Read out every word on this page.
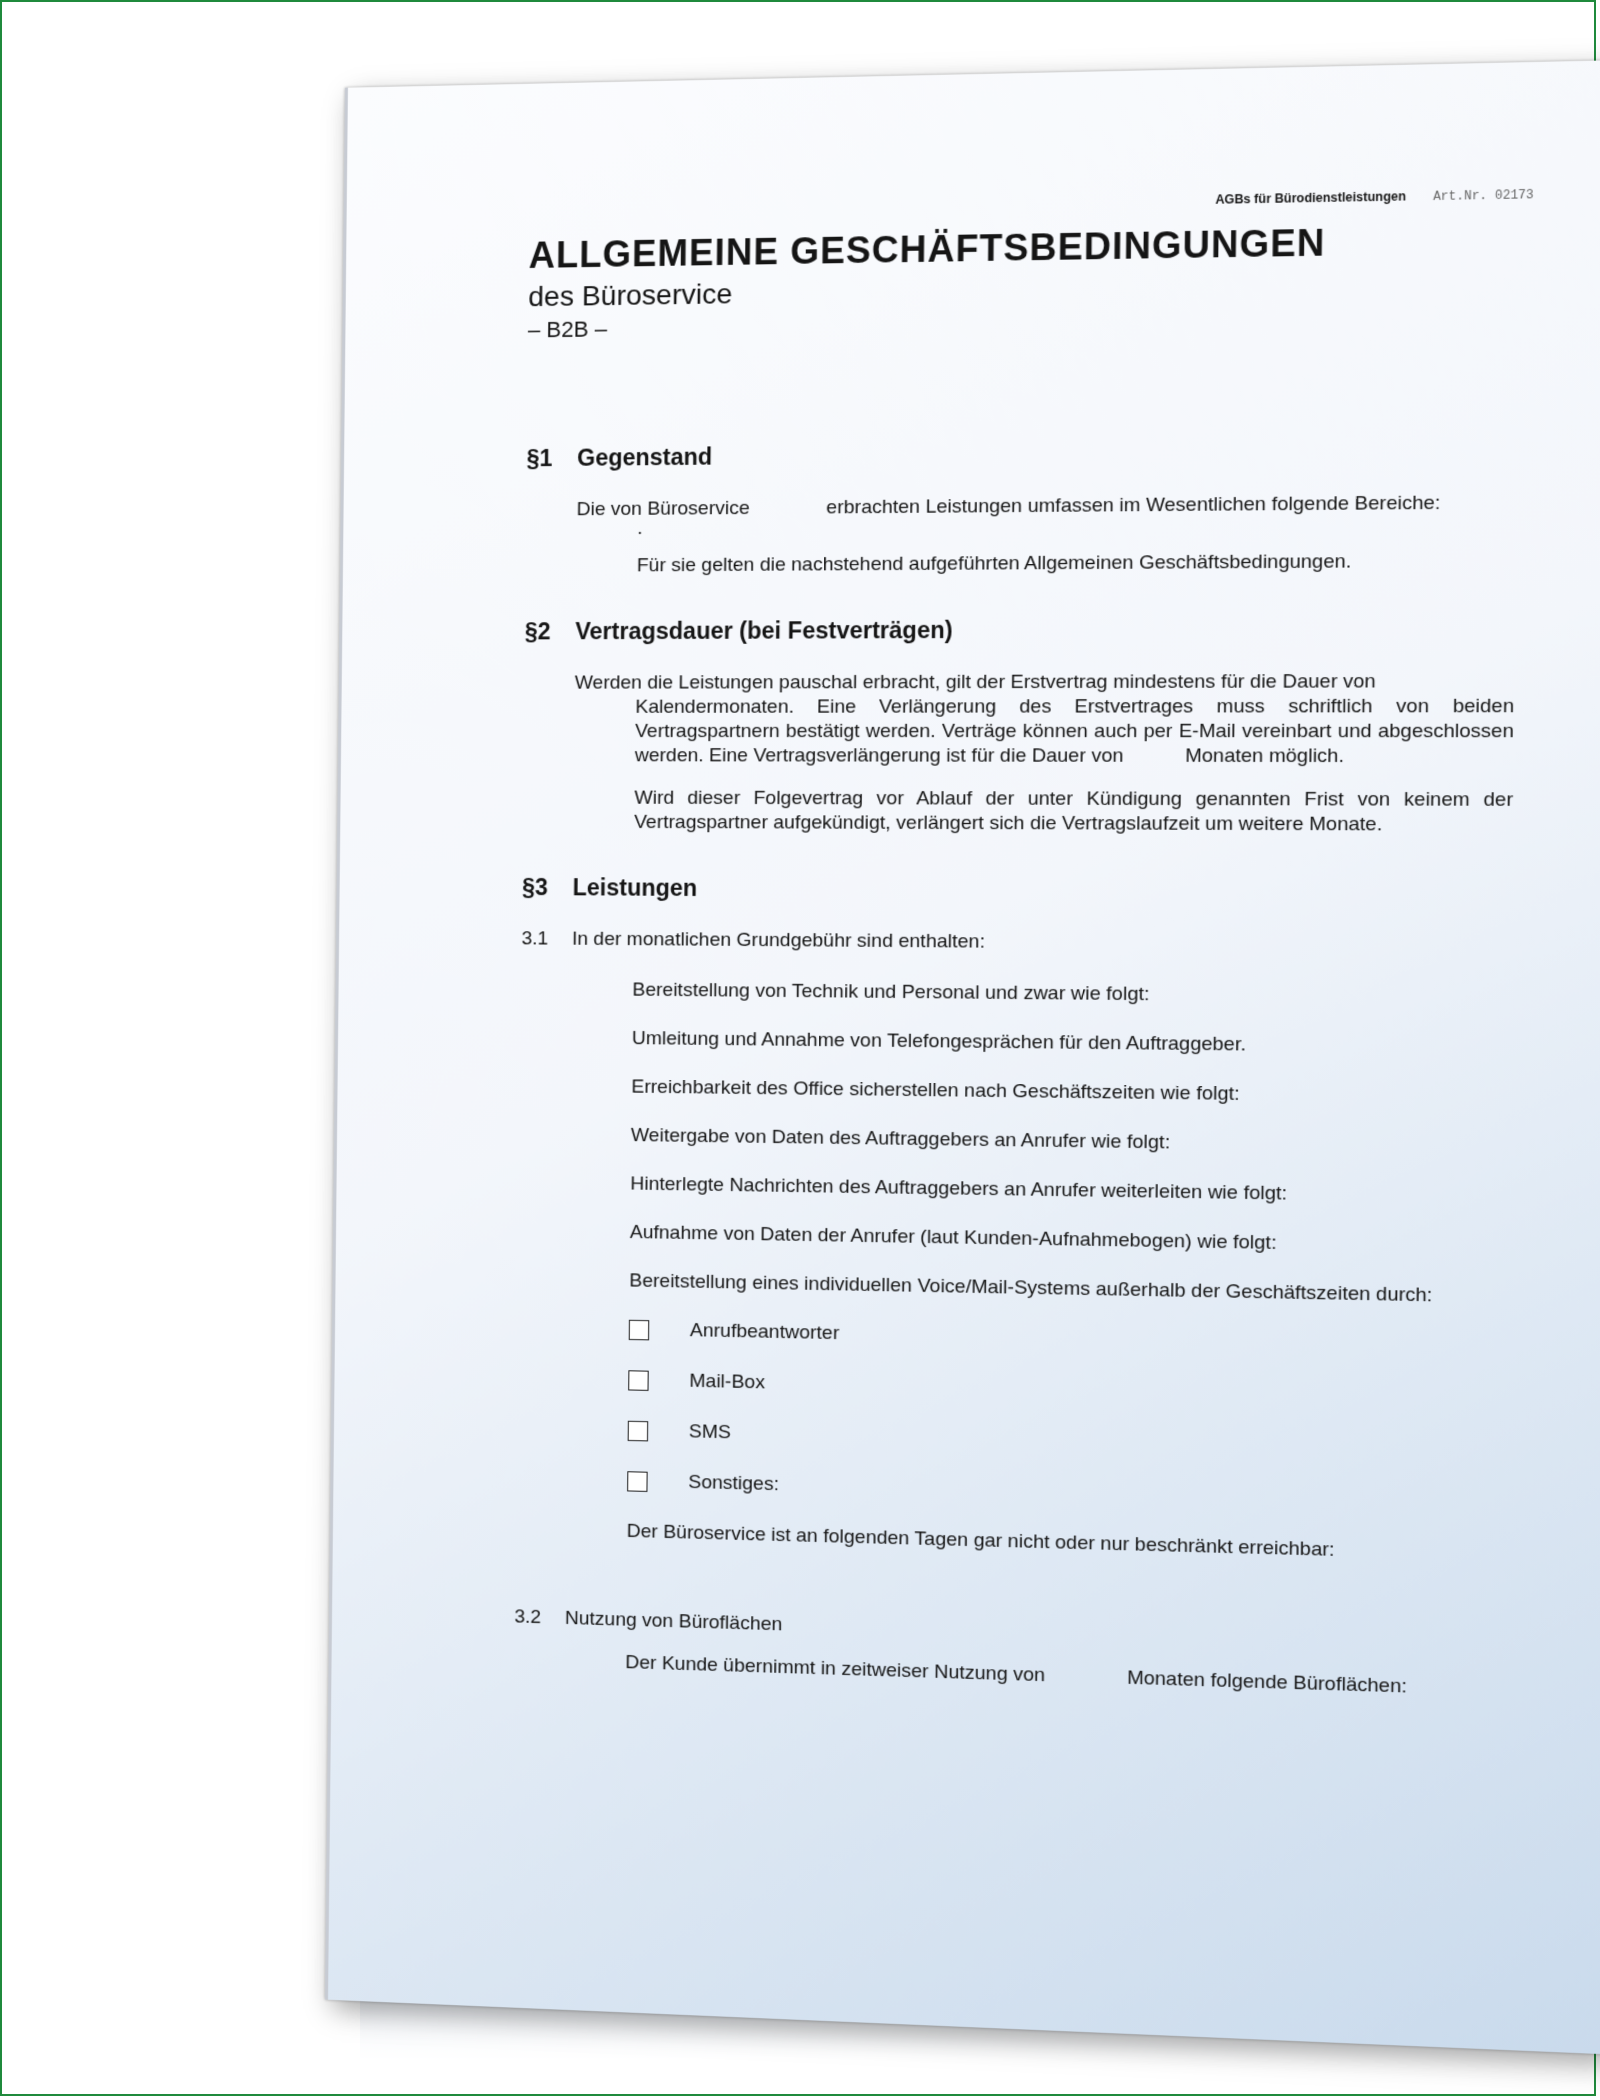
AGBs für Bürodienstleistungen Art.Nr. 02173
ALLGEMEINE GESCHÄFTSBEDINGUNGEN
des Büroservice
– B2B –
§1	Gegenstand
Die von Büroservice	erbrachten Leistungen umfassen im Wesentlichen folgende Bereiche:
.
Für sie gelten die nachstehend aufgeführten Allgemeinen Geschäftsbedingungen.
§2	Vertragsdauer (bei Festverträgen)
Werden die Leistungen pauschal erbracht, gilt der Erstvertrag mindestens für die Dauer von
Kalendermonaten. Eine Verlängerung des Erstvertrages muss schriftlich von beiden Vertragspartnern bestätigt werden. Verträge können auch per E-Mail vereinbart und abgeschlossen werden. Eine Vertragsverlängerung ist für die Dauer von	Monaten möglich.
Wird dieser Folgevertrag vor Ablauf der unter Kündigung genannten Frist von keinem der Vertragspartner aufgekündigt, verlängert sich die Vertragslaufzeit um weitere Monate.
§3	Leistungen
3.1	In der monatlichen Grundgebühr sind enthalten:
Bereitstellung von Technik und Personal und zwar wie folgt:
Umleitung und Annahme von Telefongesprächen für den Auftraggeber.
Erreichbarkeit des Office sicherstellen nach Geschäftszeiten wie folgt:
Weitergabe von Daten des Auftraggebers an Anrufer wie folgt:
Hinterlegte Nachrichten des Auftraggebers an Anrufer weiterleiten wie folgt:
Aufnahme von Daten der Anrufer (laut Kunden-Aufnahmebogen) wie folgt:
Bereitstellung eines individuellen Voice/Mail-Systems außerhalb der Geschäftszeiten durch:
Anrufbeantworter
Mail-Box
SMS
Sonstiges:
Der Büroservice ist an folgenden Tagen gar nicht oder nur beschränkt erreichbar:
3.2	Nutzung von Büroflächen
Der Kunde übernimmt in zeitweiser Nutzung von	Monaten folgende Büroflächen:
